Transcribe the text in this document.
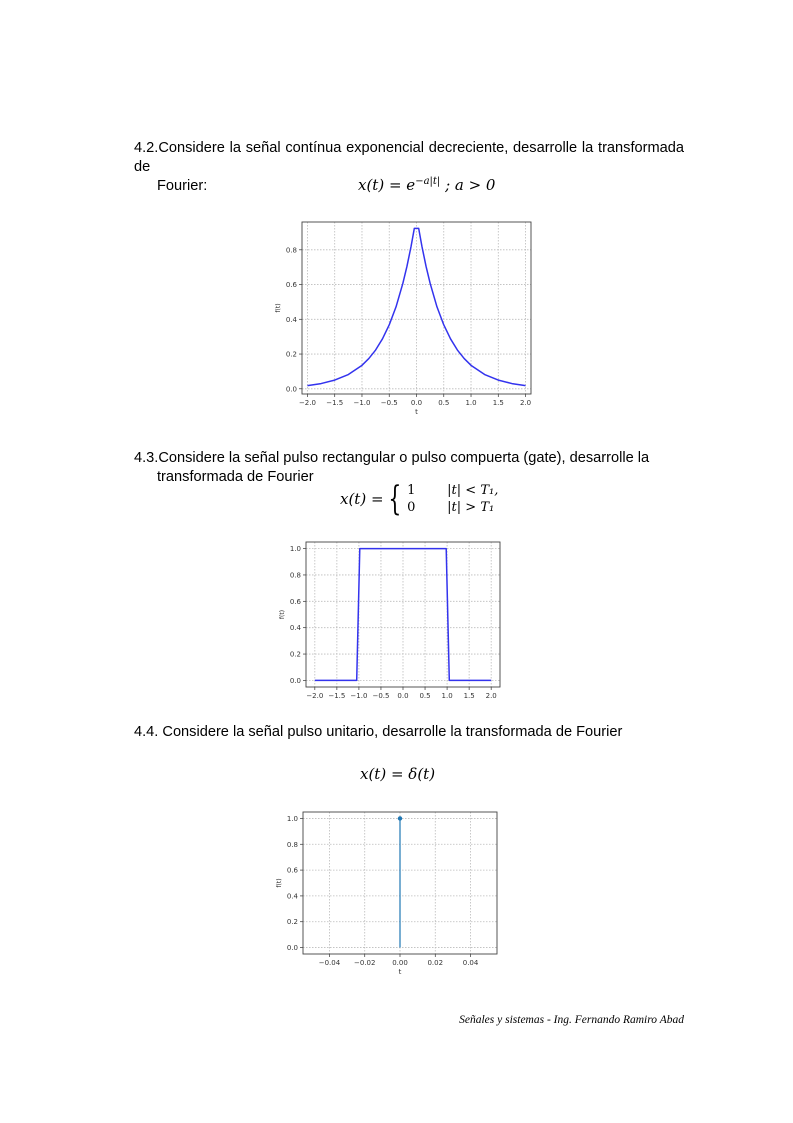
4.2.Considere la señal contínua exponencial decreciente, desarrolle la transformada de
Fourier:	$x(t) = e^{-a|t|}$ ; a > 0
4.3.Considere la señal pulso rectangular o pulso compuerta (gate), desarrolle la
transformada de Fourier
x(t) = { 1	|t| < T₁,
0	|t| > T₁
4.4. Considere la señal pulso unitario, desarrolle la transformada de Fourier
x(t) = δ(t)
−2.0 −1.5 −1.0 −0.5 0.0 0.5 1.0 1.5 2.0
0.0
0.2
0.4
0.6
0.8
t
f(t)
−2.0 −1.5 −1.0 −0.5 0.0 0.5 1.0 1.5 2.0
0.0
0.2
0.4
0.6
0.8
1.0
f(t)
−0.04 −0.02 0.00	0.02	0.04
0.0
0.2
0.4
0.6
0.8
1.0
t
f(t)
Señales y sistemas - Ing. Fernando Ramiro Abad
